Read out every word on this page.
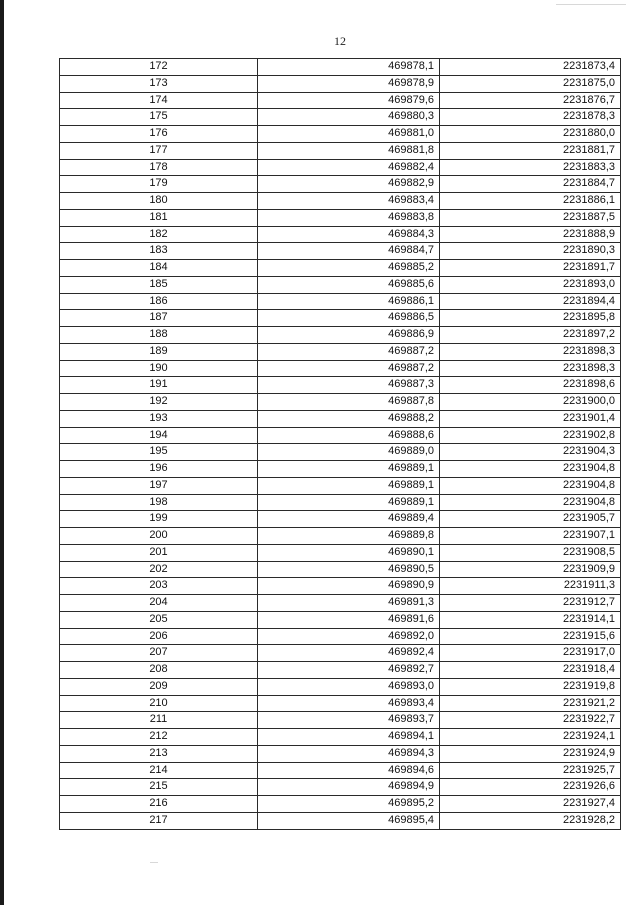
12
172	469878,1	2231873,4
173	469878,9	2231875,0
174	469879,6	2231876,7
175	469880,3	2231878,3
176	469881,0	2231880,0
177	469881,8	2231881,7
178	469882,4	2231883,3
179	469882,9	2231884,7
180	469883,4	2231886,1
181	469883,8	2231887,5
182	469884,3	2231888,9
183	469884,7	2231890,3
184	469885,2	2231891,7
185	469885,6	2231893,0
186	469886,1	2231894,4
187	469886,5	2231895,8
188	469886,9	2231897,2
189	469887,2	2231898,3
190	469887,2	2231898,3
191	469887,3	2231898,6
192	469887,8	2231900,0
193	469888,2	2231901,4
194	469888,6	2231902,8
195	469889,0	2231904,3
196	469889,1	2231904,8
197	469889,1	2231904,8
198	469889,1	2231904,8
199	469889,4	2231905,7
200	469889,8	2231907,1
201	469890,1	2231908,5
202	469890,5	2231909,9
203	469890,9	2231911,3
204	469891,3	2231912,7
205	469891,6	2231914,1
206	469892,0	2231915,6
207	469892,4	2231917,0
208	469892,7	2231918,4
209	469893,0	2231919,8
210	469893,4	2231921,2
211	469893,7	2231922,7
212	469894,1	2231924,1
213	469894,3	2231924,9
214	469894,6	2231925,7
215	469894,9	2231926,6
216	469895,2	2231927,4
217	469895,4	2231928,2
